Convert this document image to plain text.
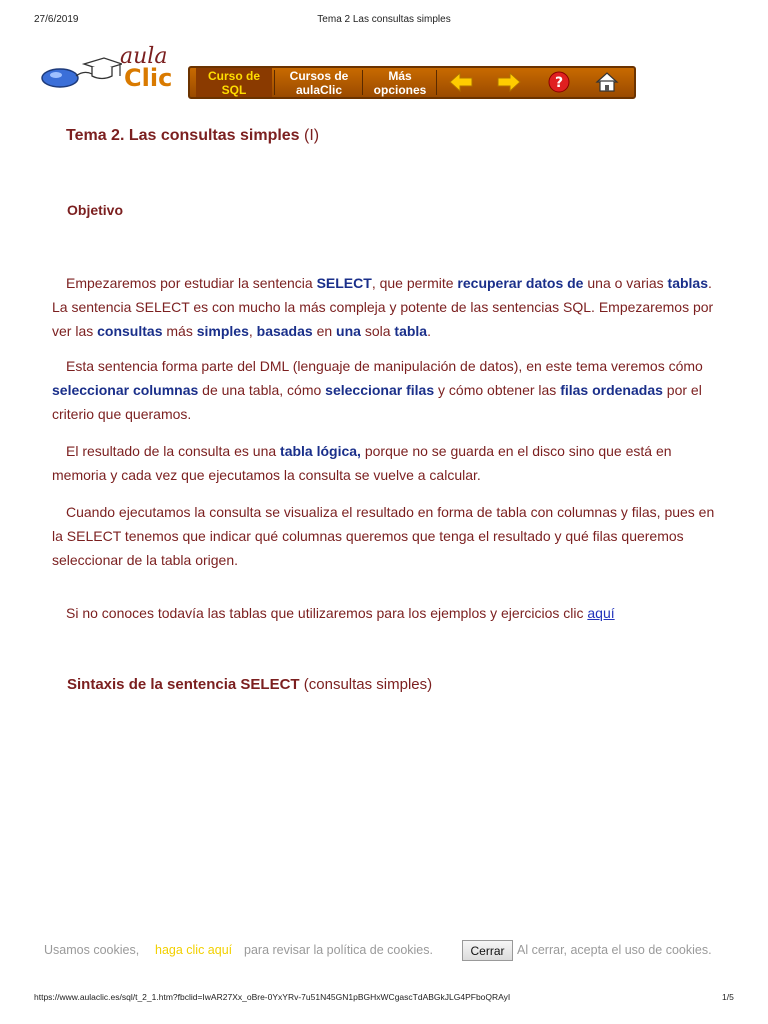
27/6/2019	Tema 2 Las consultas simples
aula
Clic	Curso de
SQL
Cursos de
aulaClic
Más
opciones	?
Tema 2. Las consultas simples (I)
Objetivo

Empezaremos por estudiar la sentencia SELECT, que permite recuperar datos de una o varias tablas. La sentencia SELECT es con mucho la más compleja y potente de las sentencias SQL. Empezaremos por ver las consultas más simples, basadas en una sola tabla.

Esta sentencia forma parte del DML (lenguaje de manipulación de datos), en este tema veremos cómo seleccionar columnas de una tabla, cómo seleccionar filas y cómo obtener las filas ordenadas por el criterio que queramos.

El resultado de la consulta es una tabla lógica, porque no se guarda en el disco sino que está en memoria y cada vez que ejecutamos la consulta se vuelve a calcular.

Cuando ejecutamos la consulta se visualiza el resultado en forma de tabla con columnas y filas, pues en la SELECT tenemos que indicar qué columnas queremos que tenga el resultado y qué filas queremos seleccionar de la tabla origen.

Si no conoces todavía las tablas que utilizaremos para los ejemplos y ejercicios clic aquí

Sintaxis de la sentencia SELECT (consultas simples)
Usamos cookies, haga clic aquí para revisar la política de cookies.	Cerrar	Al cerrar, acepta el uso de cookies.
https://www.aulaclic.es/sql/t_2_1.htm?fbclid=IwAR27Xx_oBre-0YxYRv-7u51N45GN1pBGHxWCgascTdABGkJLG4PFboQRAyI	1/5
